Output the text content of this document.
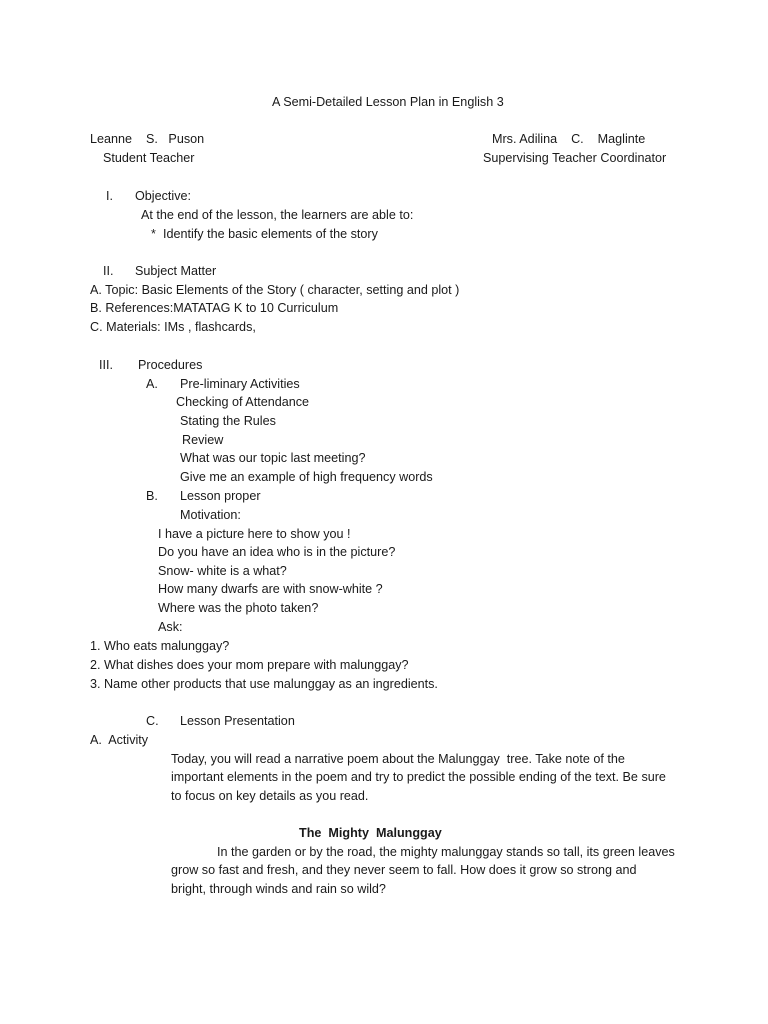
A Semi-Detailed Lesson Plan in English 3
Leanne    S.   Puson
Student Teacher
Mrs. Adilina    C.    Maglinte
Supervising Teacher Coordinator
I. Objective:
At the end of the lesson, the learners are able to:
* Identify the basic elements of the story
II. Subject Matter
A. Topic: Basic Elements of the Story ( character, setting and plot )
B. References:MATATAG K to 10 Curriculum
C. Materials: IMs , flashcards,
III. Procedures
A. Pre-liminary Activities
Checking of Attendance
Stating the Rules
Review
What was our topic last meeting?
Give me an example of high frequency words
B. Lesson proper
Motivation:
I have a picture here to show you !
Do you have an idea who is in the picture?
Snow- white is a what?
How many dwarfs are with snow-white ?
Where was the photo taken?
Ask:
1. Who eats malunggay?
2. What dishes does your mom prepare with malunggay?
3. Name other products that use malunggay as an ingredients.
C. Lesson Presentation
A.  Activity
Today, you will read a narrative poem about the Malunggay  tree. Take note of the
important elements in the poem and try to predict the possible ending of the text. Be sure
to focus on key details as you read.
The  Mighty  Malunggay
In the garden or by the road, the mighty malunggay stands so tall, its green leaves
grow so fast and fresh, and they never seem to fall. How does it grow so strong and
bright, through winds and rain so wild?
